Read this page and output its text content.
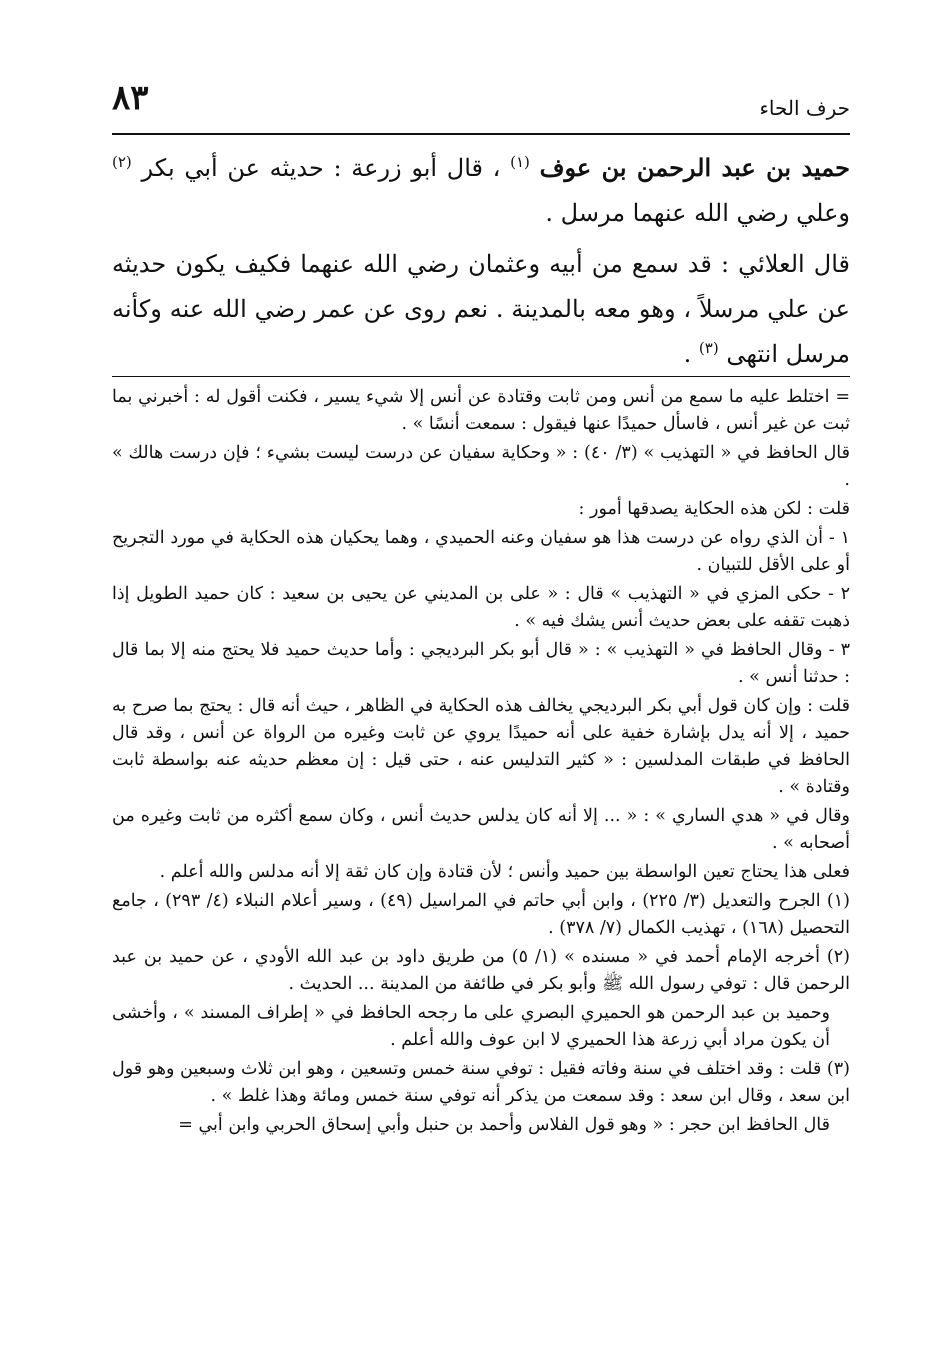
٨٣	حرف الحاء

حميد بن عبد الرحمن بن عوف $^{(١)}$ ، قال أبو زرعة : حديثه عن أبي بكر $^{(٢)}$ وعلي رضي الله عنهما مرسل .

قال العلائي : قد سمع من أبيه وعثمان رضي الله عنهما فكيف يكون حديثه عن علي مرسلاً ، وهو معه بالمدينة . نعم روى عن عمر رضي الله عنه وكأنه مرسل انتهى $^{(٣)}$ .

= اختلط عليه ما سمع من أنس ومن ثابت وقتادة عن أنس إلا شيء يسير ، فكنت أقول له : أخبرني بما ثبت عن غير أنس ، فاسأل حميدًا عنها فيقول : سمعت أنسًا » .

قال الحافظ في « التهذيب » (٣/ ٤٠) : « وحكاية سفيان عن درست ليست بشيء ؛ فإن درست هالك » .

قلت : لكن هذه الحكاية يصدقها أمور :

١ - أن الذي رواه عن درست هذا هو سفيان وعنه الحميدي ، وهما يحكيان هذه الحكاية في مورد التجريح أو على الأقل للتبيان .

٢ - حكى المزي في « التهذيب » قال : « على بن المديني عن يحيى بن سعيد : كان حميد الطويل إذا ذهبت تقفه على بعض حديث أنس يشك فيه » .

٣ - وقال الحافظ في « التهذيب » : « قال أبو بكر البرديجي : وأما حديث حميد فلا يحتج منه إلا بما قال : حدثنا أنس » .

قلت : وإن كان قول أبي بكر البرديجي يخالف هذه الحكاية في الظاهر ، حيث أنه قال : يحتج بما صرح به حميد ، إلا أنه يدل بإشارة خفية على أنه حميدًا يروي عن ثابت وغيره من الرواة عن أنس ، وقد قال الحافظ في طبقات المدلسين : « كثير التدليس عنه ، حتى قيل : إن معظم حديثه عنه بواسطة ثابت وقتادة » .

وقال في « هدي الساري » : « ... إلا أنه كان يدلس حديث أنس ، وكان سمع أكثره من ثابت وغيره من أصحابه » .

فعلى هذا يحتاج تعين الواسطة بين حميد وأنس ؛ لأن قتادة وإن كان ثقة إلا أنه مدلس والله أعلم .

(١) الجرح والتعديل (٣/ ٢٢٥) ، وابن أبي حاتم في المراسيل (٤٩) ، وسير أعلام النبلاء (٤/ ٢٩٣) ، جامع التحصيل (١٦٨) ، تهذيب الكمال (٧/ ٣٧٨) .

(٢) أخرجه الإمام أحمد في « مسنده » (١/ ٥) من طريق داود بن عبد الله الأودي ، عن حميد بن عبد الرحمن قال : توفي رسول الله ﷺ وأبو بكر في طائفة من المدينة ... الحديث .

وحميد بن عبد الرحمن هو الحميري البصري على ما رجحه الحافظ في « إطراف المسند » ، وأخشى أن يكون مراد أبي زرعة هذا الحميري لا ابن عوف والله أعلم .

(٣) قلت : وقد اختلف في سنة وفاته فقيل : توفي سنة خمس وتسعين ، وهو ابن ثلاث وسبعين وهو قول ابن سعد ، وقال ابن سعد : وقد سمعت من يذكر أنه توفي سنة خمس ومائة وهذا غلط » .

قال الحافظ ابن حجر : « وهو قول الفلاس وأحمد بن حنبل وأبي إسحاق الحربي وابن أبي =
